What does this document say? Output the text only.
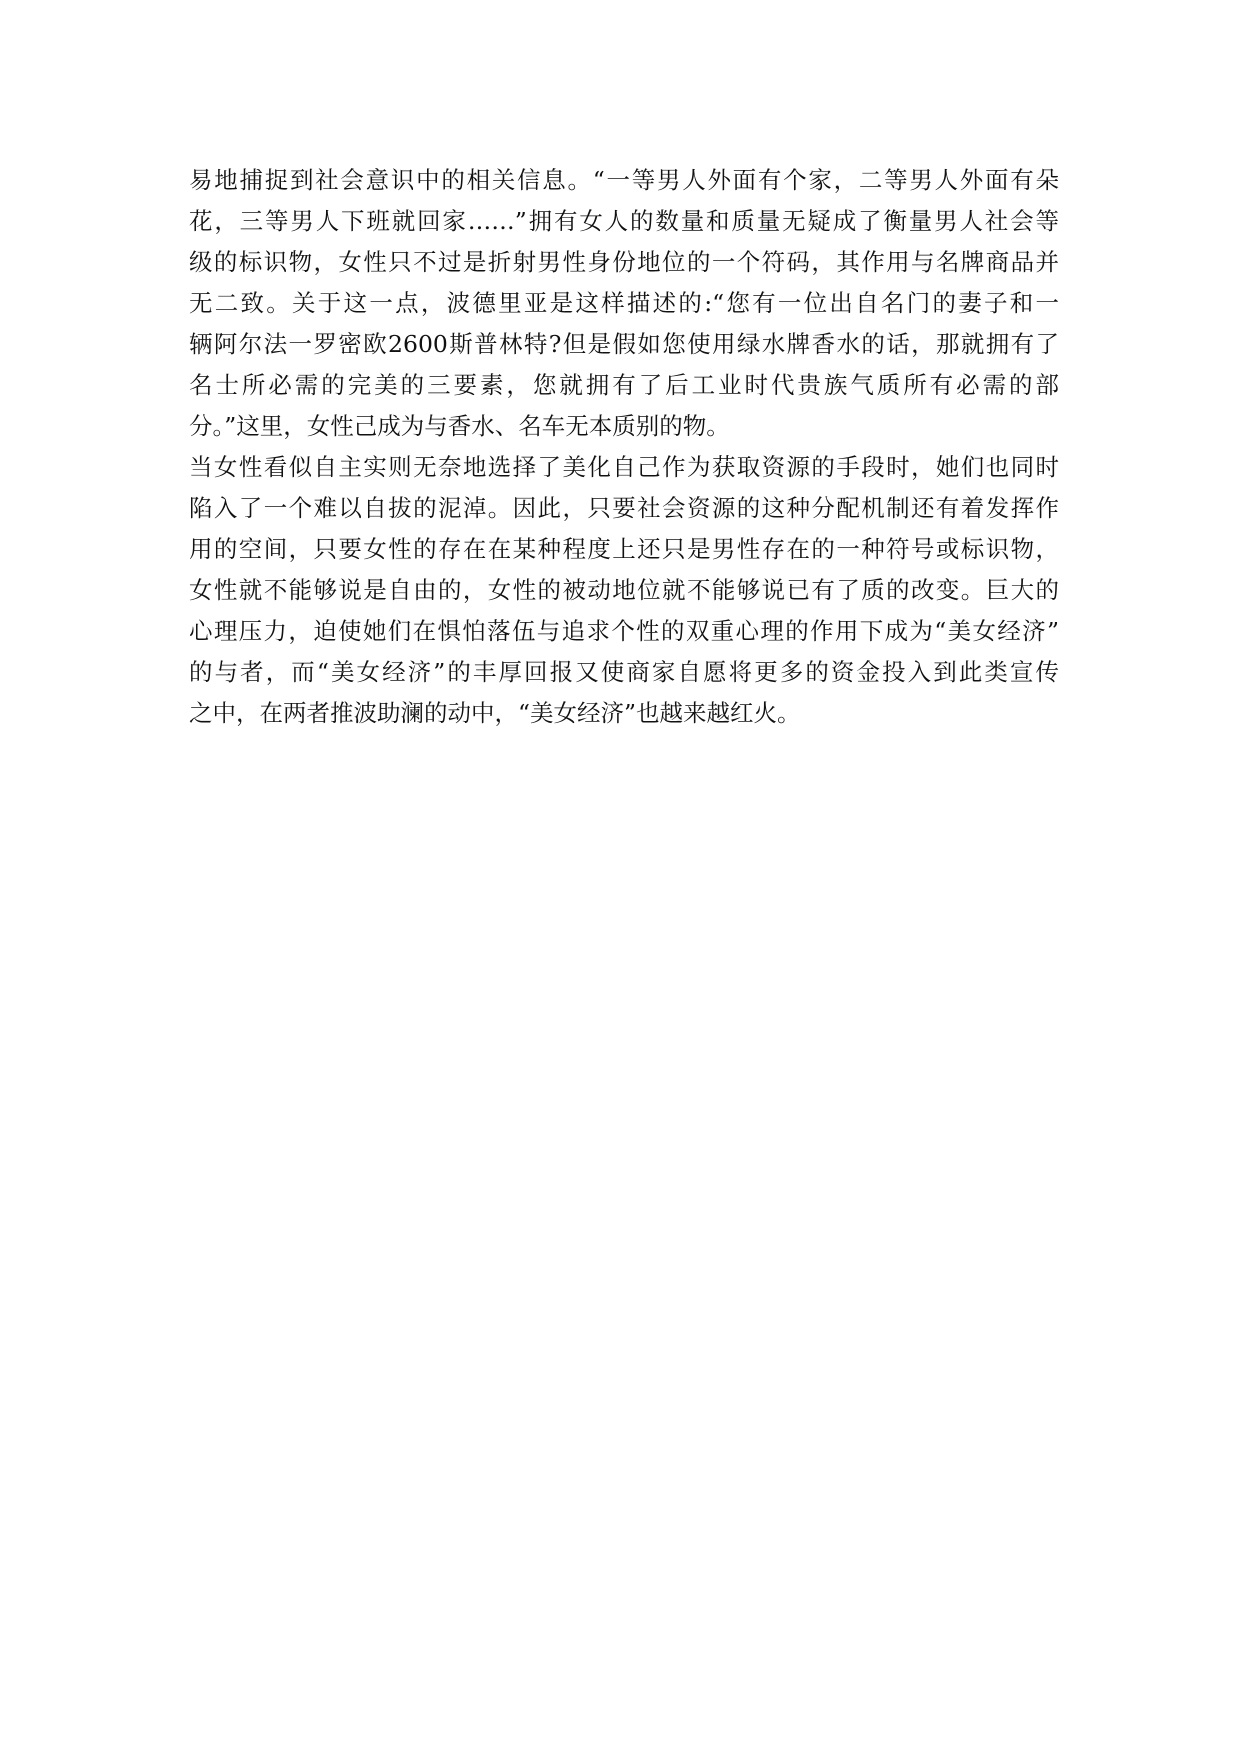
易地捕捉到社会意识中的相关信息。“一等男人外面有个家，二等男人外面有朵
花，三等男人下班就回家……”拥有女人的数量和质量无疑成了衡量男人社会等
级的标识物，女性只不过是折射男性身份地位的一个符码，其作用与名牌商品并
无二致。关于这一点，波德里亚是这样描述的:“您有一位出自名门的妻子和一
辆阿尔法一罗密欧2600斯普林特?但是假如您使用绿水牌香水的话，那就拥有了
名士所必需的完美的三要素，您就拥有了后工业时代贵族气质所有必需的部
分。”这里，女性己成为与香水、名车无本质别的物。
当女性看似自主实则无奈地选择了美化自己作为获取资源的手段时，她们也同时
陷入了一个难以自拔的泥淖。因此，只要社会资源的这种分配机制还有着发挥作
用的空间，只要女性的存在在某种程度上还只是男性存在的一种符号或标识物，
女性就不能够说是自由的，女性的被动地位就不能够说已有了质的改变。巨大的
心理压力，迫使她们在惧怕落伍与追求个性的双重心理的作用下成为“美女经济”
的与者，而“美女经济”的丰厚回报又使商家自愿将更多的资金投入到此类宣传
之中，在两者推波助澜的动中，“美女经济”也越来越红火。
